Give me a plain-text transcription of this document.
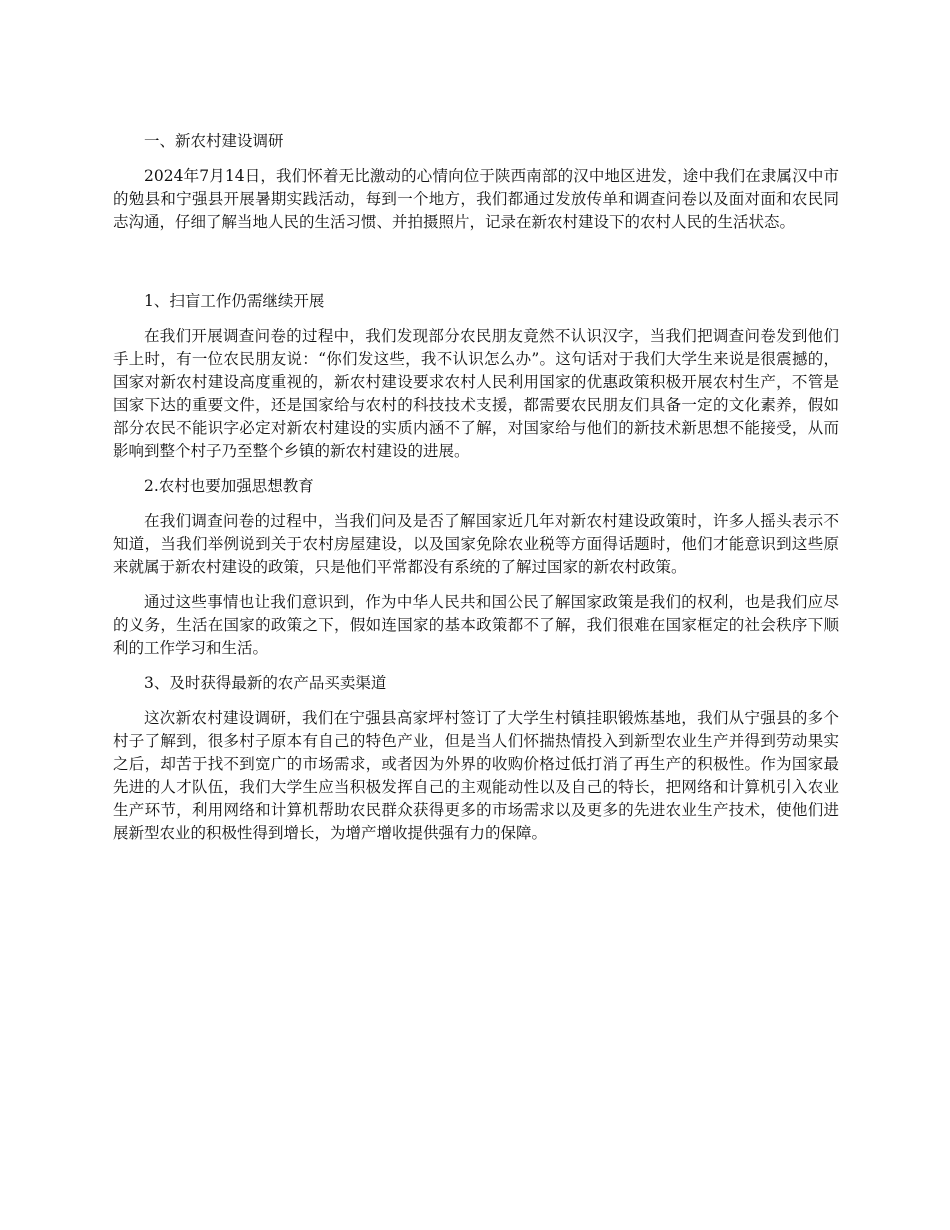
一、新农村建设调研

2024年7月14日，我们怀着无比激动的心情向位于陕西南部的汉中地区进发，途中我们在隶属汉中市的勉县和宁强县开展暑期实践活动，每到一个地方，我们都通过发放传单和调查问卷以及面对面和农民同志沟通，仔细了解当地人民的生活习惯、并拍摄照片，记录在新农村建设下的农村人民的生活状态。

1、扫盲工作仍需继续开展

在我们开展调查问卷的过程中，我们发现部分农民朋友竟然不认识汉字，当我们把调查问卷发到他们手上时，有一位农民朋友说：“你们发这些，我不认识怎么办”。这句话对于我们大学生来说是很震撼的，国家对新农村建设高度重视的，新农村建设要求农村人民利用国家的优惠政策积极开展农村生产，不管是国家下达的重要文件，还是国家给与农村的科技技术支援，都需要农民朋友们具备一定的文化素养，假如部分农民不能识字必定对新农村建设的实质内涵不了解，对国家给与他们的新技术新思想不能接受，从而影响到整个村子乃至整个乡镇的新农村建设的进展。

2.农村也要加强思想教育

在我们调查问卷的过程中，当我们问及是否了解国家近几年对新农村建设政策时，许多人摇头表示不知道，当我们举例说到关于农村房屋建设，以及国家免除农业税等方面得话题时，他们才能意识到这些原来就属于新农村建设的政策，只是他们平常都没有系统的了解过国家的新农村政策。

通过这些事情也让我们意识到，作为中华人民共和国公民了解国家政策是我们的权利，也是我们应尽的义务，生活在国家的政策之下，假如连国家的基本政策都不了解，我们很难在国家框定的社会秩序下顺利的工作学习和生活。

3、及时获得最新的农产品买卖渠道

这次新农村建设调研，我们在宁强县高家坪村签订了大学生村镇挂职锻炼基地，我们从宁强县的多个村子了解到，很多村子原本有自己的特色产业，但是当人们怀揣热情投入到新型农业生产并得到劳动果实之后，却苦于找不到宽广的市场需求，或者因为外界的收购价格过低打消了再生产的积极性。作为国家最先进的人才队伍，我们大学生应当积极发挥自己的主观能动性以及自己的特长，把网络和计算机引入农业生产环节，利用网络和计算机帮助农民群众获得更多的市场需求以及更多的先进农业生产技术，使他们进展新型农业的积极性得到增长，为增产增收提供强有力的保障。
